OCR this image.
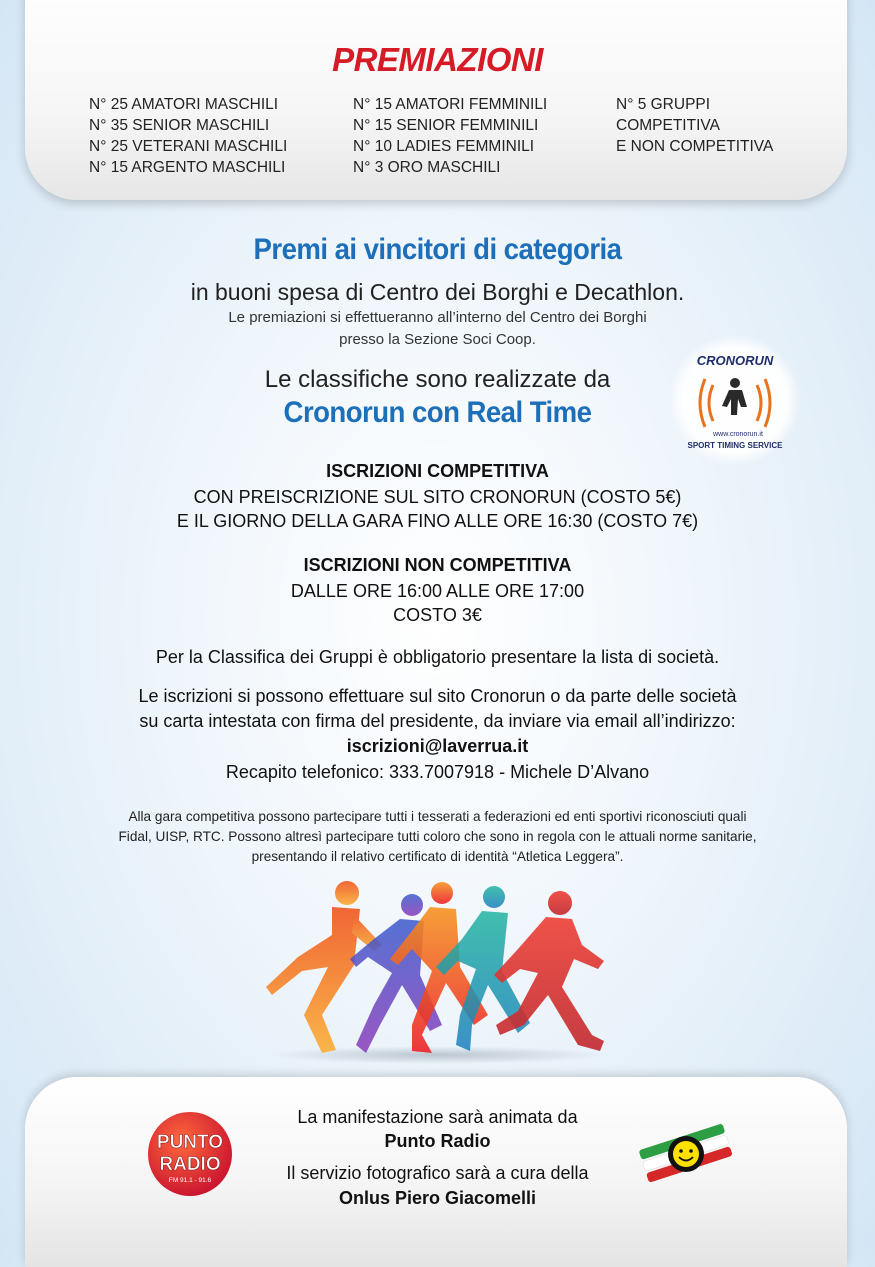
PREMIAZIONI
N° 25 AMATORI MASCHILI
N° 35 SENIOR MASCHILI
N° 25 VETERANI MASCHILI
N° 15 ARGENTO MASCHILI
N° 15 AMATORI FEMMINILI
N° 15 SENIOR FEMMINILI
N° 10 LADIES FEMMINILI
N° 3 ORO MASCHILI
N° 5 GRUPPI
COMPETITIVA
E NON COMPETITIVA
Premi ai vincitori di categoria
in buoni spesa di Centro dei Borghi e Decathlon.
Le premiazioni si effettueranno all’interno del Centro dei Borghi
presso la Sezione Soci Coop.
Le classifiche sono realizzate da
Cronorun con Real Time
CRONORUN
www.cronorun.it
SPORT TIMING SERVICE
ISCRIZIONI COMPETITIVA
CON PREISCRIZIONE SUL SITO CRONORUN (COSTO 5€)
E IL GIORNO DELLA GARA FINO ALLE ORE 16:30 (COSTO 7€)
ISCRIZIONI NON COMPETITIVA
DALLE ORE 16:00 ALLE ORE 17:00
COSTO 3€
Per la Classifica dei Gruppi è obbligatorio presentare la lista di società.
Le iscrizioni si possono effettuare sul sito Cronorun o da parte delle società
su carta intestata con firma del presidente, da inviare via email all’indirizzo:
iscrizioni@laverrua.it
Recapito telefonico: 333.7007918 - Michele D’Alvano
Alla gara competitiva possono partecipare tutti i tesserati a federazioni ed enti sportivi riconosciuti quali
Fidal, UISP, RTC. Possono altresì partecipare tutti coloro che sono in regola con le attuali norme sanitarie,
presentando il relativo certificato di identità “Atletica Leggera”.
PUNTO
RADIO
FM 91.1 - 91.6
La manifestazione sarà animata da
Punto Radio
Il servizio fotografico sarà a cura della
Onlus Piero Giacomelli
